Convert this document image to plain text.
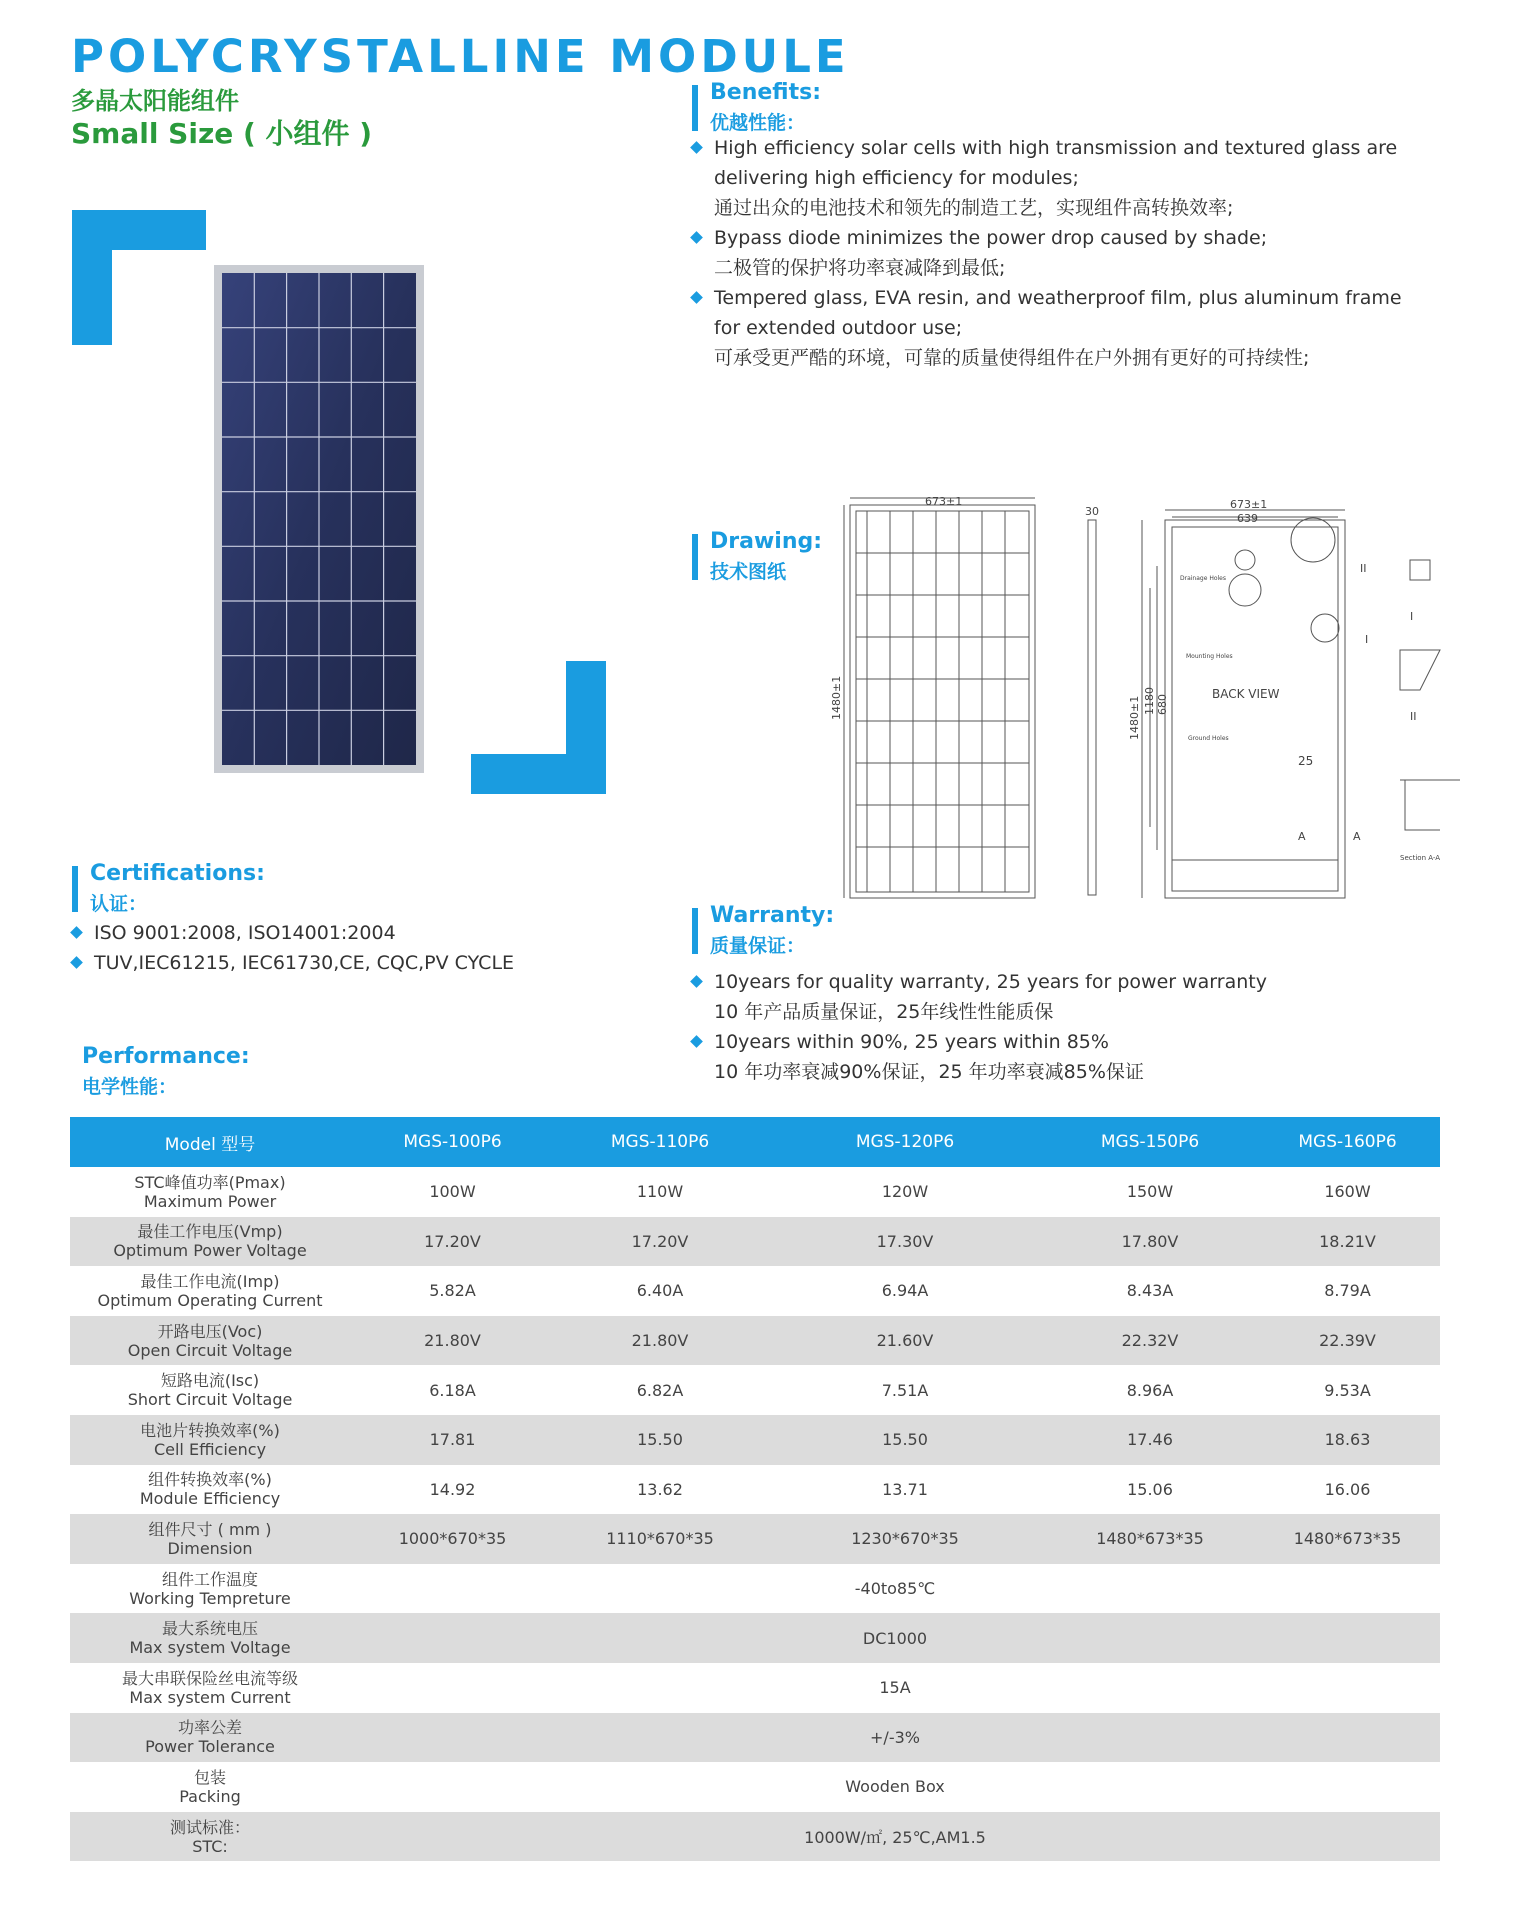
POLYCRYSTALLINE MODULE
多晶太阳能组件
Small Size ( 小组件 )
Benefits:
优越性能：
High efficiency solar cells with high transmission and textured glass are
delivering high efficiency for modules;
通过出众的电池技术和领先的制造工艺，实现组件高转换效率;
Bypass diode minimizes the power drop caused by shade;
二极管的保护将功率衰减降到最低;
Tempered glass, EVA resin, and weatherproof film, plus aluminum frame
for extended outdoor use;
可承受更严酷的环境，可靠的质量使得组件在户外拥有更好的可持续性;
Drawing:
技术图纸
673±1	673±1
639
30
1480±1	1480±1 1180 680	BACK VIEW
25
Drainage Holes
Mounting Holes
Ground Holes
II
I
I
II
A	A
Section A-A
Certifications:
认证：
ISO 9001:2008, ISO14001:2004
TUV,IEC61215, IEC61730,CE, CQC,PV CYCLE
Warranty:
质量保证：
10years for quality warranty, 25 years for power warranty
10 年产品质量保证，25年线性性能质保
10years within 90%, 25 years within 85%
10 年功率衰减90%保证，25 年功率衰减85%保证
Performance:
电学性能：
Model 型号	MGS-100P6	MGS-110P6	MGS-120P6	MGS-150P6	MGS-160P6

STC峰值功率(Pmax)
Maximum Power	100W	110W	120W	150W	160W

最佳工作电压(Vmp)
Optimum Power Voltage	17.20V	17.20V	17.30V	17.80V	18.21V

最佳工作电流(Imp)
Optimum Operating Current	5.82A	6.40A	6.94A	8.43A	8.79A

开路电压(Voc)
Open Circuit Voltage	21.80V	21.80V	21.60V	22.32V	22.39V

短路电流(Isc)
Short Circuit Voltage	6.18A	6.82A	7.51A	8.96A	9.53A

电池片转换效率(%)
Cell Efficiency	17.81	15.50	15.50	17.46	18.63

组件转换效率(%)
Module Efficiency	14.92	13.62	13.71	15.06	16.06

组件尺寸 ( mm )
Dimension	1000*670*35	1110*670*35	1230*670*35	1480*673*35	1480*673*35

组件工作温度
Working Tempreture	-40to85℃				

最大系统电压
Max system Voltage	DC1000				

最大串联保险丝电流等级
Max system Current	15A				

功率公差
Power Tolerance	+/-3%				

包装
Packing	Wooden Box				

测试标准：
STC:	1000W/㎡, 25℃,AM1.5				
